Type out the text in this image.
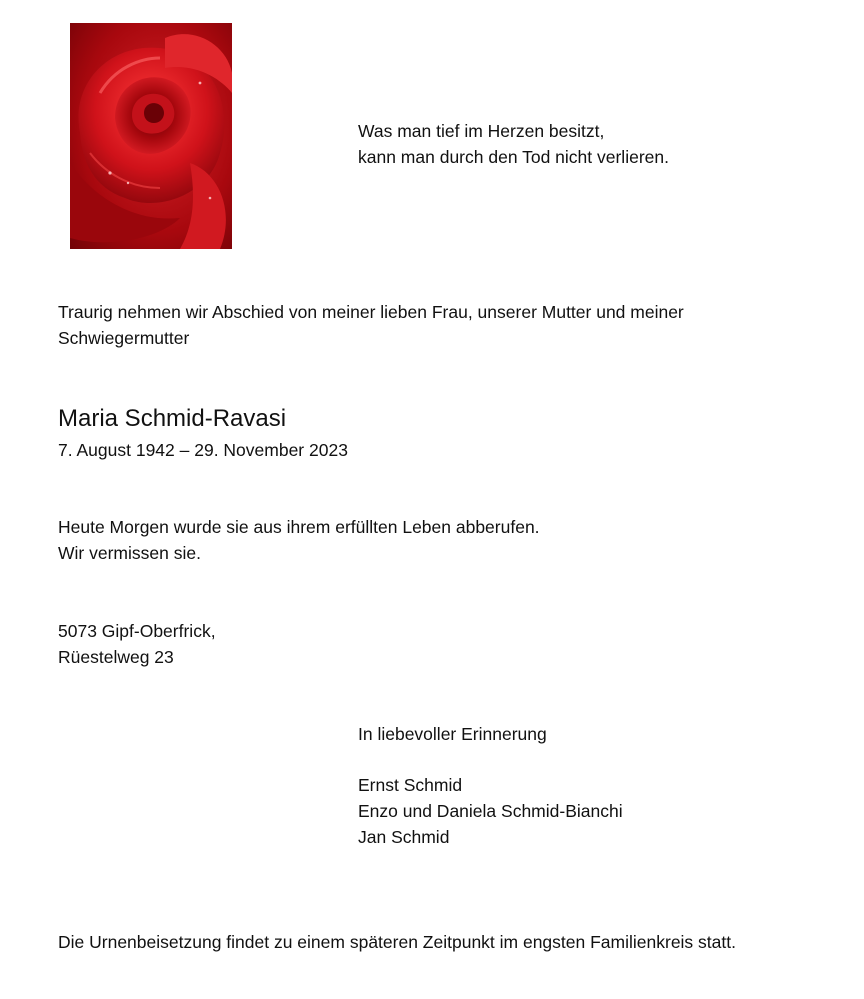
Was man tief im Herzen besitzt,
kann man durch den Tod nicht verlieren.
Traurig nehmen wir Abschied von meiner lieben Frau, unserer Mutter und meiner
Schwiegermutter
Maria Schmid-Ravasi
7. August 1942 – 29. November 2023
Heute Morgen wurde sie aus ihrem erfüllten Leben abberufen.
Wir vermissen sie.
5073 Gipf-Oberfrick,
Rüestelweg 23
In liebevoller Erinnerung
Ernst Schmid
Enzo und Daniela Schmid-Bianchi
Jan Schmid
Die Urnenbeisetzung findet zu einem späteren Zeitpunkt im engsten Familienkreis statt.
